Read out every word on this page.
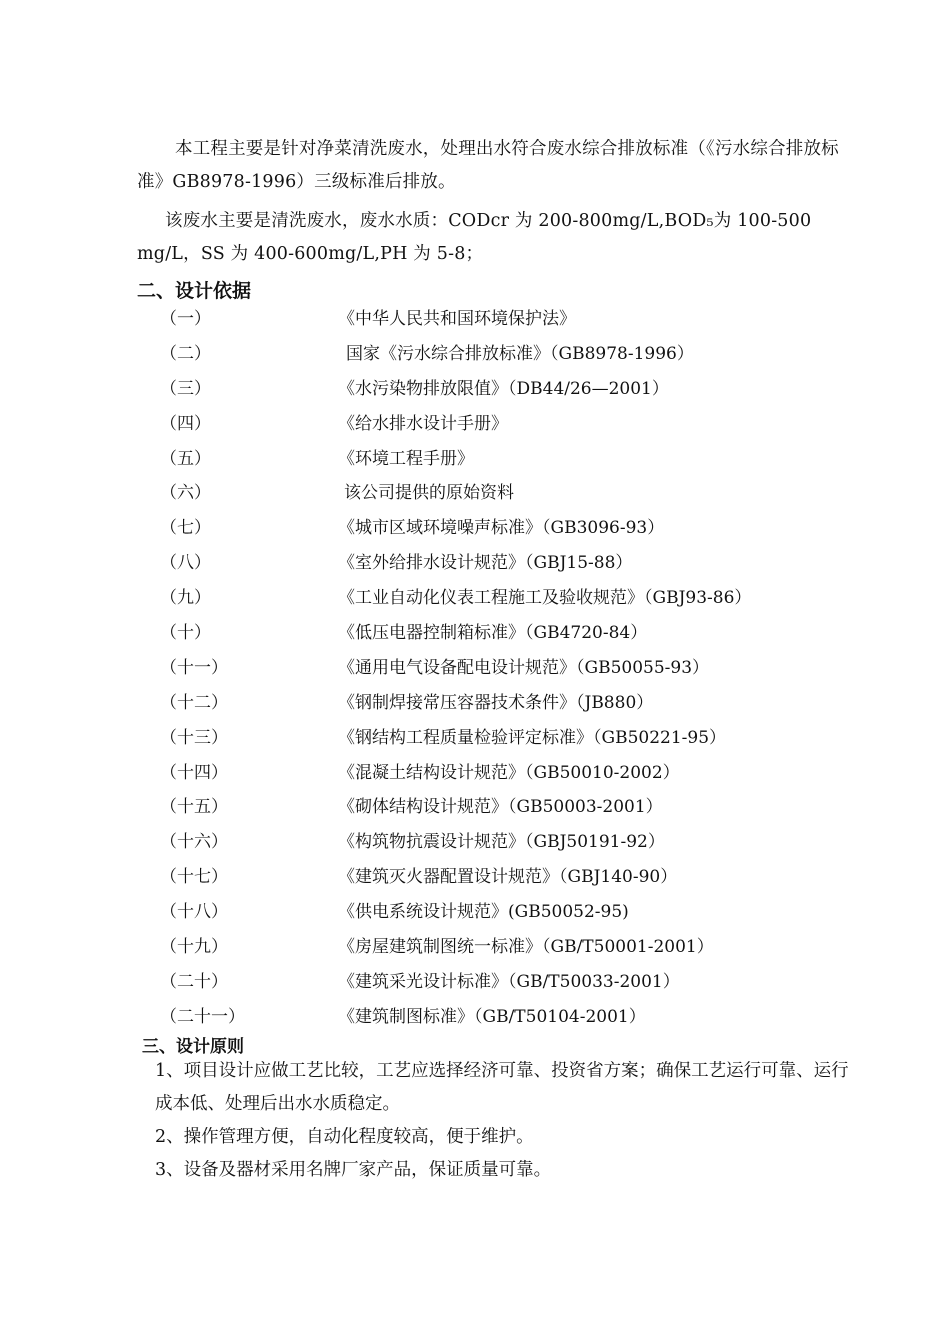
本工程主要是针对净菜清洗废水，处理出水符合废水综合排放标准（《污水综合排放标准》GB8978-1996）三级标准后排放。

该废水主要是清洗废水，废水水质：CODcr 为 200-800mg/L,BOD₅为 100-500 mg/L，SS 为 400-600mg/L,PH 为 5-8；

二、设计依据
（一）	《中华人民共和国环境保护法》
（二）	国家《污水综合排放标准》（GB8978-1996）
（三）	《水污染物排放限值》（DB44/26—2001）
（四）	《给水排水设计手册》
（五）	《环境工程手册》
（六）	该公司提供的原始资料
（七）	《城市区域环境噪声标准》（GB3096-93）
（八）	《室外给排水设计规范》（GBJ15-88）
（九）	《工业自动化仪表工程施工及验收规范》（GBJ93-86）
（十）	《低压电器控制箱标准》（GB4720-84）
（十一）	《通用电气设备配电设计规范》（GB50055-93）
（十二）	《钢制焊接常压容器技术条件》（JB880）
（十三）	《钢结构工程质量检验评定标准》（GB50221-95）
（十四）	《混凝土结构设计规范》（GB50010-2002）
（十五）	《砌体结构设计规范》（GB50003-2001）
（十六）	《构筑物抗震设计规范》（GBJ50191-92）
（十七）	《建筑灭火器配置设计规范》（GBJ140-90）
（十八）	《供电系统设计规范》(GB50052-95)
（十九）	《房屋建筑制图统一标准》（GB/T50001-2001）
（二十）	《建筑采光设计标准》（GB/T50033-2001）
（二十一）	《建筑制图标准》（GB/T50104-2001）
三、设计原则
1、项目设计应做工艺比较，工艺应选择经济可靠、投资省方案；确保工艺运行可靠、运行成本低、处理后出水水质稳定。
2、操作管理方便，自动化程度较高，便于维护。
3、设备及器材采用名牌厂家产品，保证质量可靠。
